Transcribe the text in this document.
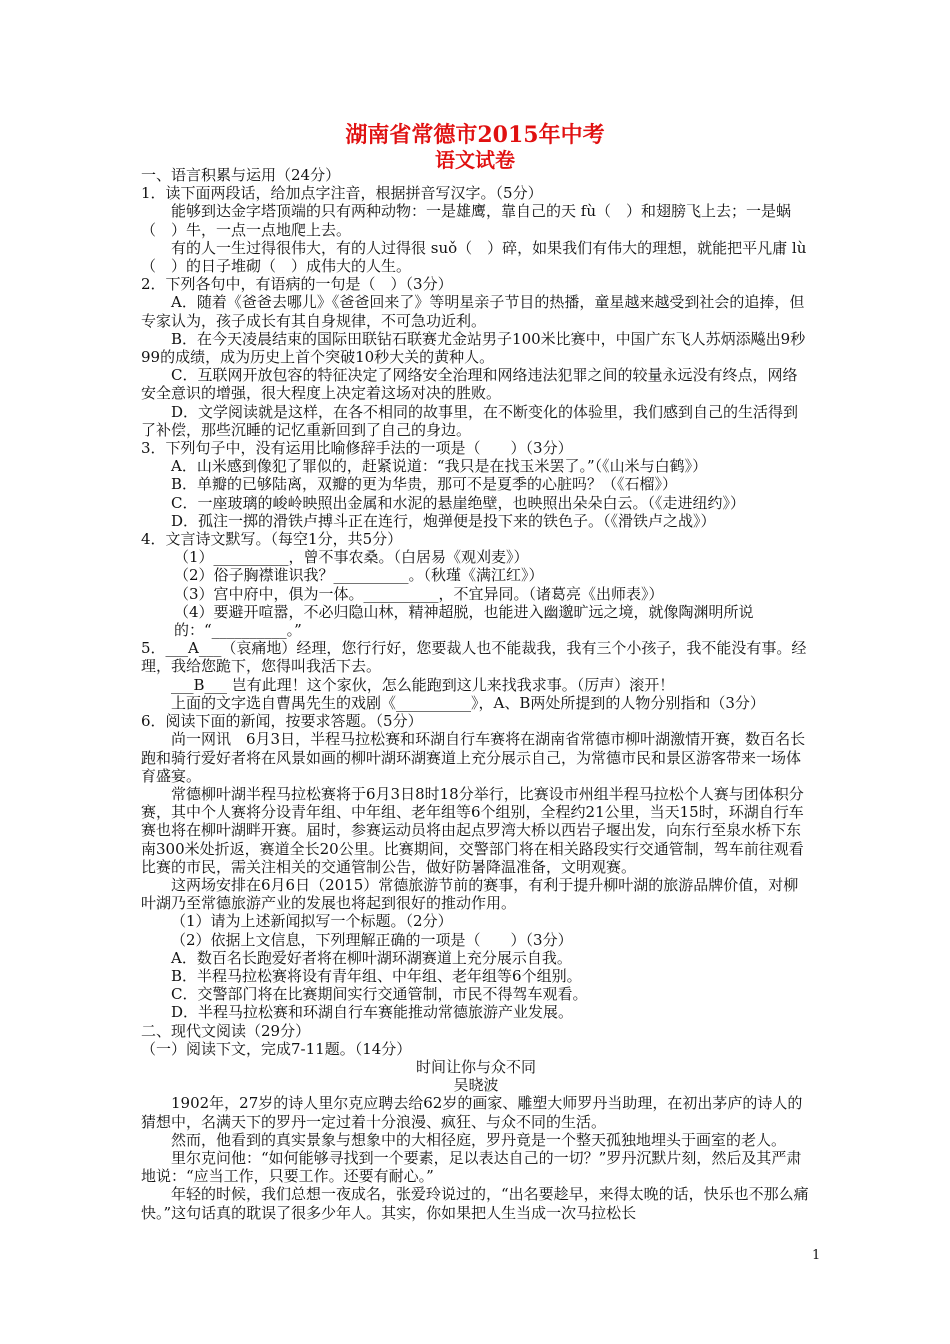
湖南省常德市2015年中考
语文试卷

一、语言积累与运用（24分）

1．读下面两段话，给加点字注音，根据拼音写汉字。（5分）

能够到达金字塔顶端的只有两种动物：一是雄鹰，靠自己的天 fù（　）和翅膀飞上去；一是蜗（　）牛，一点一点地爬上去。

有的人一生过得很伟大，有的人过得很 suǒ（　）碎，如果我们有伟大的理想，就能把平凡庸 lù（　）的日子堆砌（　）成伟大的人生。

2．下列各句中，有语病的一句是（　）（3分）

A．随着《爸爸去哪儿》《爸爸回来了》等明星亲子节目的热播，童星越来越受到社会的追捧，但专家认为，孩子成长有其自身规律，不可急功近利。

B．在今天凌晨结束的国际田联钻石联赛尤金站男子100米比赛中，中国广东飞人苏炳添飚出9秒99的成绩，成为历史上首个突破10秒大关的黄种人。

C．互联网开放包容的特征决定了网络安全治理和网络违法犯罪之间的较量永远没有终点，网络安全意识的增强，很大程度上决定着这场对决的胜败。

D．文学阅读就是这样，在各不相同的故事里，在不断变化的体验里，我们感到自己的生活得到了补偿，那些沉睡的记忆重新回到了自己的身边。

3．下列句子中，没有运用比喻修辞手法的一项是（　　）（3分）

A．山米感到像犯了罪似的，赶紧说道：“我只是在找玉米罢了。”（《山米与白鹤》）

B．单瓣的已够陆离，双瓣的更为华贵，那可不是夏季的心脏吗？（《石榴》）

C．一座玻璃的峻岭映照出金属和水泥的悬崖绝壁，也映照出朵朵白云。（《走进纽约》）

D．孤注一掷的滑铁卢搏斗正在连行，炮弹便是投下来的铁色子。（《滑铁卢之战》）

4．文言诗文默写。（每空1分，共5分）

（1）__________，曾不事农桑。（白居易《观刈麦》）

（2）俗子胸襟谁识我？__________。（秋瑾《满江红》）

（3）宫中府中，俱为一体。__________，不宜异同。（诸葛亮《出师表》）

（4）要避开喧嚣，不必归隐山林，精神超脱，也能进入幽邈旷远之境，就像陶渊明所说的：“__________。”

5．___A___（哀痛地）经理，您行行好，您要裁人也不能裁我，我有三个小孩子，我不能没有事。经理，我给您跪下，您得叫我活下去。

___B___ 岂有此理！这个家伙，怎么能跑到这儿来找我求事。（厉声）滚开！

上面的文字选自曹禺先生的戏剧《__________》，A、B两处所提到的人物分别指和（3分）

6．阅读下面的新闻，按要求答题。（5分）

尚一网讯　6月3日，半程马拉松赛和环湖自行车赛将在湖南省常德市柳叶湖激情开赛，数百名长跑和骑行爱好者将在风景如画的柳叶湖环湖赛道上充分展示自己，为常德市民和景区游客带来一场体育盛宴。

常德柳叶湖半程马拉松赛将于6月3日8时18分举行，比赛设市州组半程马拉松个人赛与团体积分赛，其中个人赛将分设青年组、中年组、老年组等6个组别，全程约21公里，当天15时，环湖自行车赛也将在柳叶湖畔开赛。届时，参赛运动员将由起点罗湾大桥以西岩子堰出发，向东行至泉水桥下东南300米处折返，赛道全长20公里。比赛期间，交警部门将在相关路段实行交通管制，驾车前往观看比赛的市民，需关注相关的交通管制公告，做好防暑降温准备，文明观赛。

这两场安排在6月6日（2015）常德旅游节前的赛事，有利于提升柳叶湖的旅游品牌价值，对柳叶湖乃至常德旅游产业的发展也将起到很好的推动作用。

（1）请为上述新闻拟写一个标题。（2分）

（2）依据上文信息，下列理解正确的一项是（　　）（3分）

A．数百名长跑爱好者将在柳叶湖环湖赛道上充分展示自我。

B．半程马拉松赛将设有青年组、中年组、老年组等6个组别。

C．交警部门将在比赛期间实行交通管制，市民不得驾车观看。

D．半程马拉松赛和环湖自行车赛能推动常德旅游产业发展。

二、现代文阅读（29分）

（一）阅读下文，完成7-11题。（14分）

时间让你与众不同

吴晓波

1902年，27岁的诗人里尔克应聘去给62岁的画家、雕塑大师罗丹当助理，在初出茅庐的诗人的猜想中，名满天下的罗丹一定过着十分浪漫、疯狂、与众不同的生活。

然而，他看到的真实景象与想象中的大相径庭，罗丹竟是一个整天孤独地埋头于画室的老人。

里尔克问他：“如何能够寻找到一个要素，足以表达自己的一切？”罗丹沉默片刻，然后及其严肃地说：“应当工作，只要工作。还要有耐心。”

年轻的时候，我们总想一夜成名，张爱玲说过的，“出名要趁早，来得太晚的话，快乐也不那么痛快。”这句话真的耽误了很多少年人。其实，你如果把人生当成一次马拉松长

1
